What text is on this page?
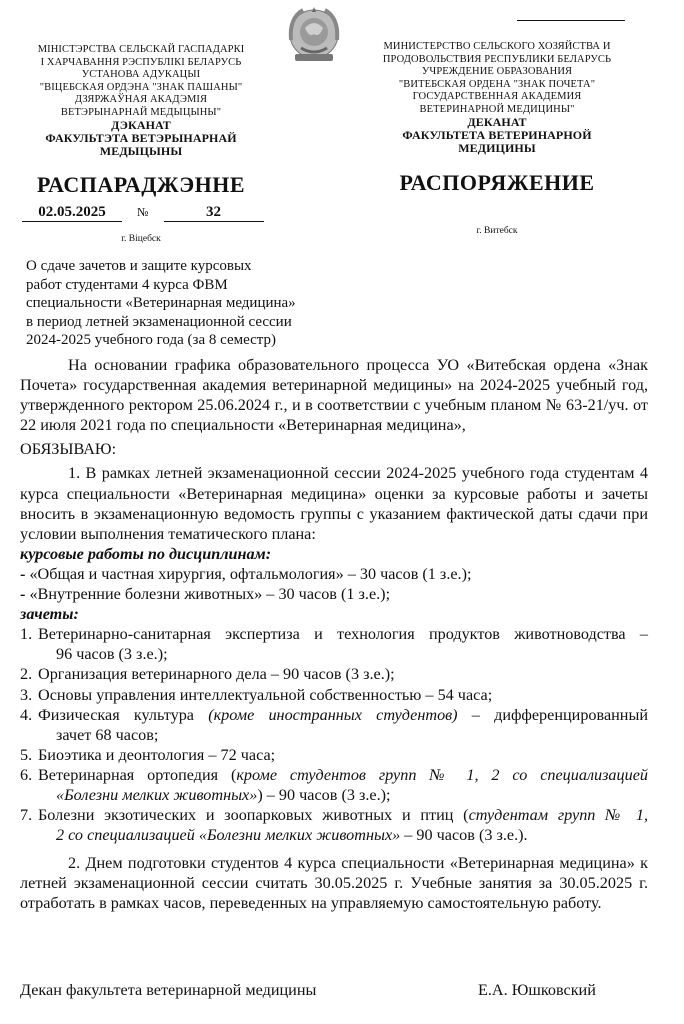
МІНІСТЭРСТВА СЕЛЬСКАЙ ГАСПАДАРКІ
І ХАРЧАВАННЯ РЭСПУБЛІКІ БЕЛАРУСЬ
УСТАНОВА АДУКАЦЫІ
"ВІЦЕБСКАЯ ОРДЭНА "ЗНАК ПАШАНЫ"
ДЗЯРЖАЎНАЯ АКАДЭМІЯ
ВЕТЭРЫНАРНАЙ МЕДЫЦЫНЫ"
ДЭКАНАТ
ФАКУЛЬТЭТА ВЕТЭРЫНАРНАЙ
МЕДЫЦЫНЫ
МИНИСТЕРСТВО СЕЛЬСКОГО ХОЗЯЙСТВА И
ПРОДОВОЛЬСТВИЯ РЕСПУБЛИКИ БЕЛАРУСЬ
УЧРЕЖДЕНИЕ ОБРАЗОВАНИЯ
"ВИТЕБСКАЯ ОРДЕНА "ЗНАК ПОЧЕТА"
ГОСУДАРСТВЕННАЯ АКАДЕМИЯ
ВЕТЕРИНАРНОЙ МЕДИЦИНЫ"
ДЕКАНАТ
ФАКУЛЬТЕТА ВЕТЕРИНАРНОЙ
МЕДИЦИНЫ
РАСПАРАДЖЭННЕ	РАСПОРЯЖЕНИЕ
02.05.2025	№	32
г. Віцебск
г. Витебск
О сдаче зачетов и защите курсовых
работ студентами 4 курса ФВМ
специальности «Ветеринарная медицина»
в период летней экзаменационной сессии
2024-2025 учебного года (за 8 семестр)
На основании графика образовательного процесса УО «Витебская ордена «Знак Почета» государственная академия ветеринарной медицины» на 2024-2025 учебный год, утвержденного ректором 25.06.2024 г., и в соответствии с учебным планом № 63-21/уч. от 22 июля 2021 года по специальности «Ветеринарная медицина»,
ОБЯЗЫВАЮ:
1. В рамках летней экзаменационной сессии 2024-2025 учебного года студентам 4 курса специальности «Ветеринарная медицина» оценки за курсовые работы и зачеты вносить в экзаменационную ведомость группы с указанием фактической даты сдачи при условии выполнения тематического плана:
курсовые работы по дисциплинам:
- «Общая и частная хирургия, офтальмология» – 30 часов (1 з.е.);
- «Внутренние болезни животных» – 30 часов (1 з.е.);
зачеты:
1. Ветеринарно-санитарная экспертиза и технология продуктов животноводства –
96 часов (3 з.е.);
2. Организация ветеринарного дела – 90 часов (3 з.е.);
3. Основы управления интеллектуальной собственностью – 54 часа;
4. Физическая культура (кроме иностранных студентов) – дифференцированный
зачет 68 часов;
5. Биоэтика и деонтология – 72 часа;
6. Ветеринарная ортопедия (кроме студентов групп № 1, 2 со специализацией
«Болезни мелких животных») – 90 часов (3 з.е.);
7. Болезни экзотических и зоопарковых животных и птиц (студентам групп № 1,
2 со специализацией «Болезни мелких животных» – 90 часов (3 з.е.).
2. Днем подготовки студентов 4 курса специальности «Ветеринарная медицина» к летней экзаменационной сессии считать 30.05.2025 г. Учебные занятия за 30.05.2025 г. отработать в рамках часов, переведенных на управляемую самостоятельную работу.
Декан факультета ветеринарной медицины	Е.А. Юшковский
